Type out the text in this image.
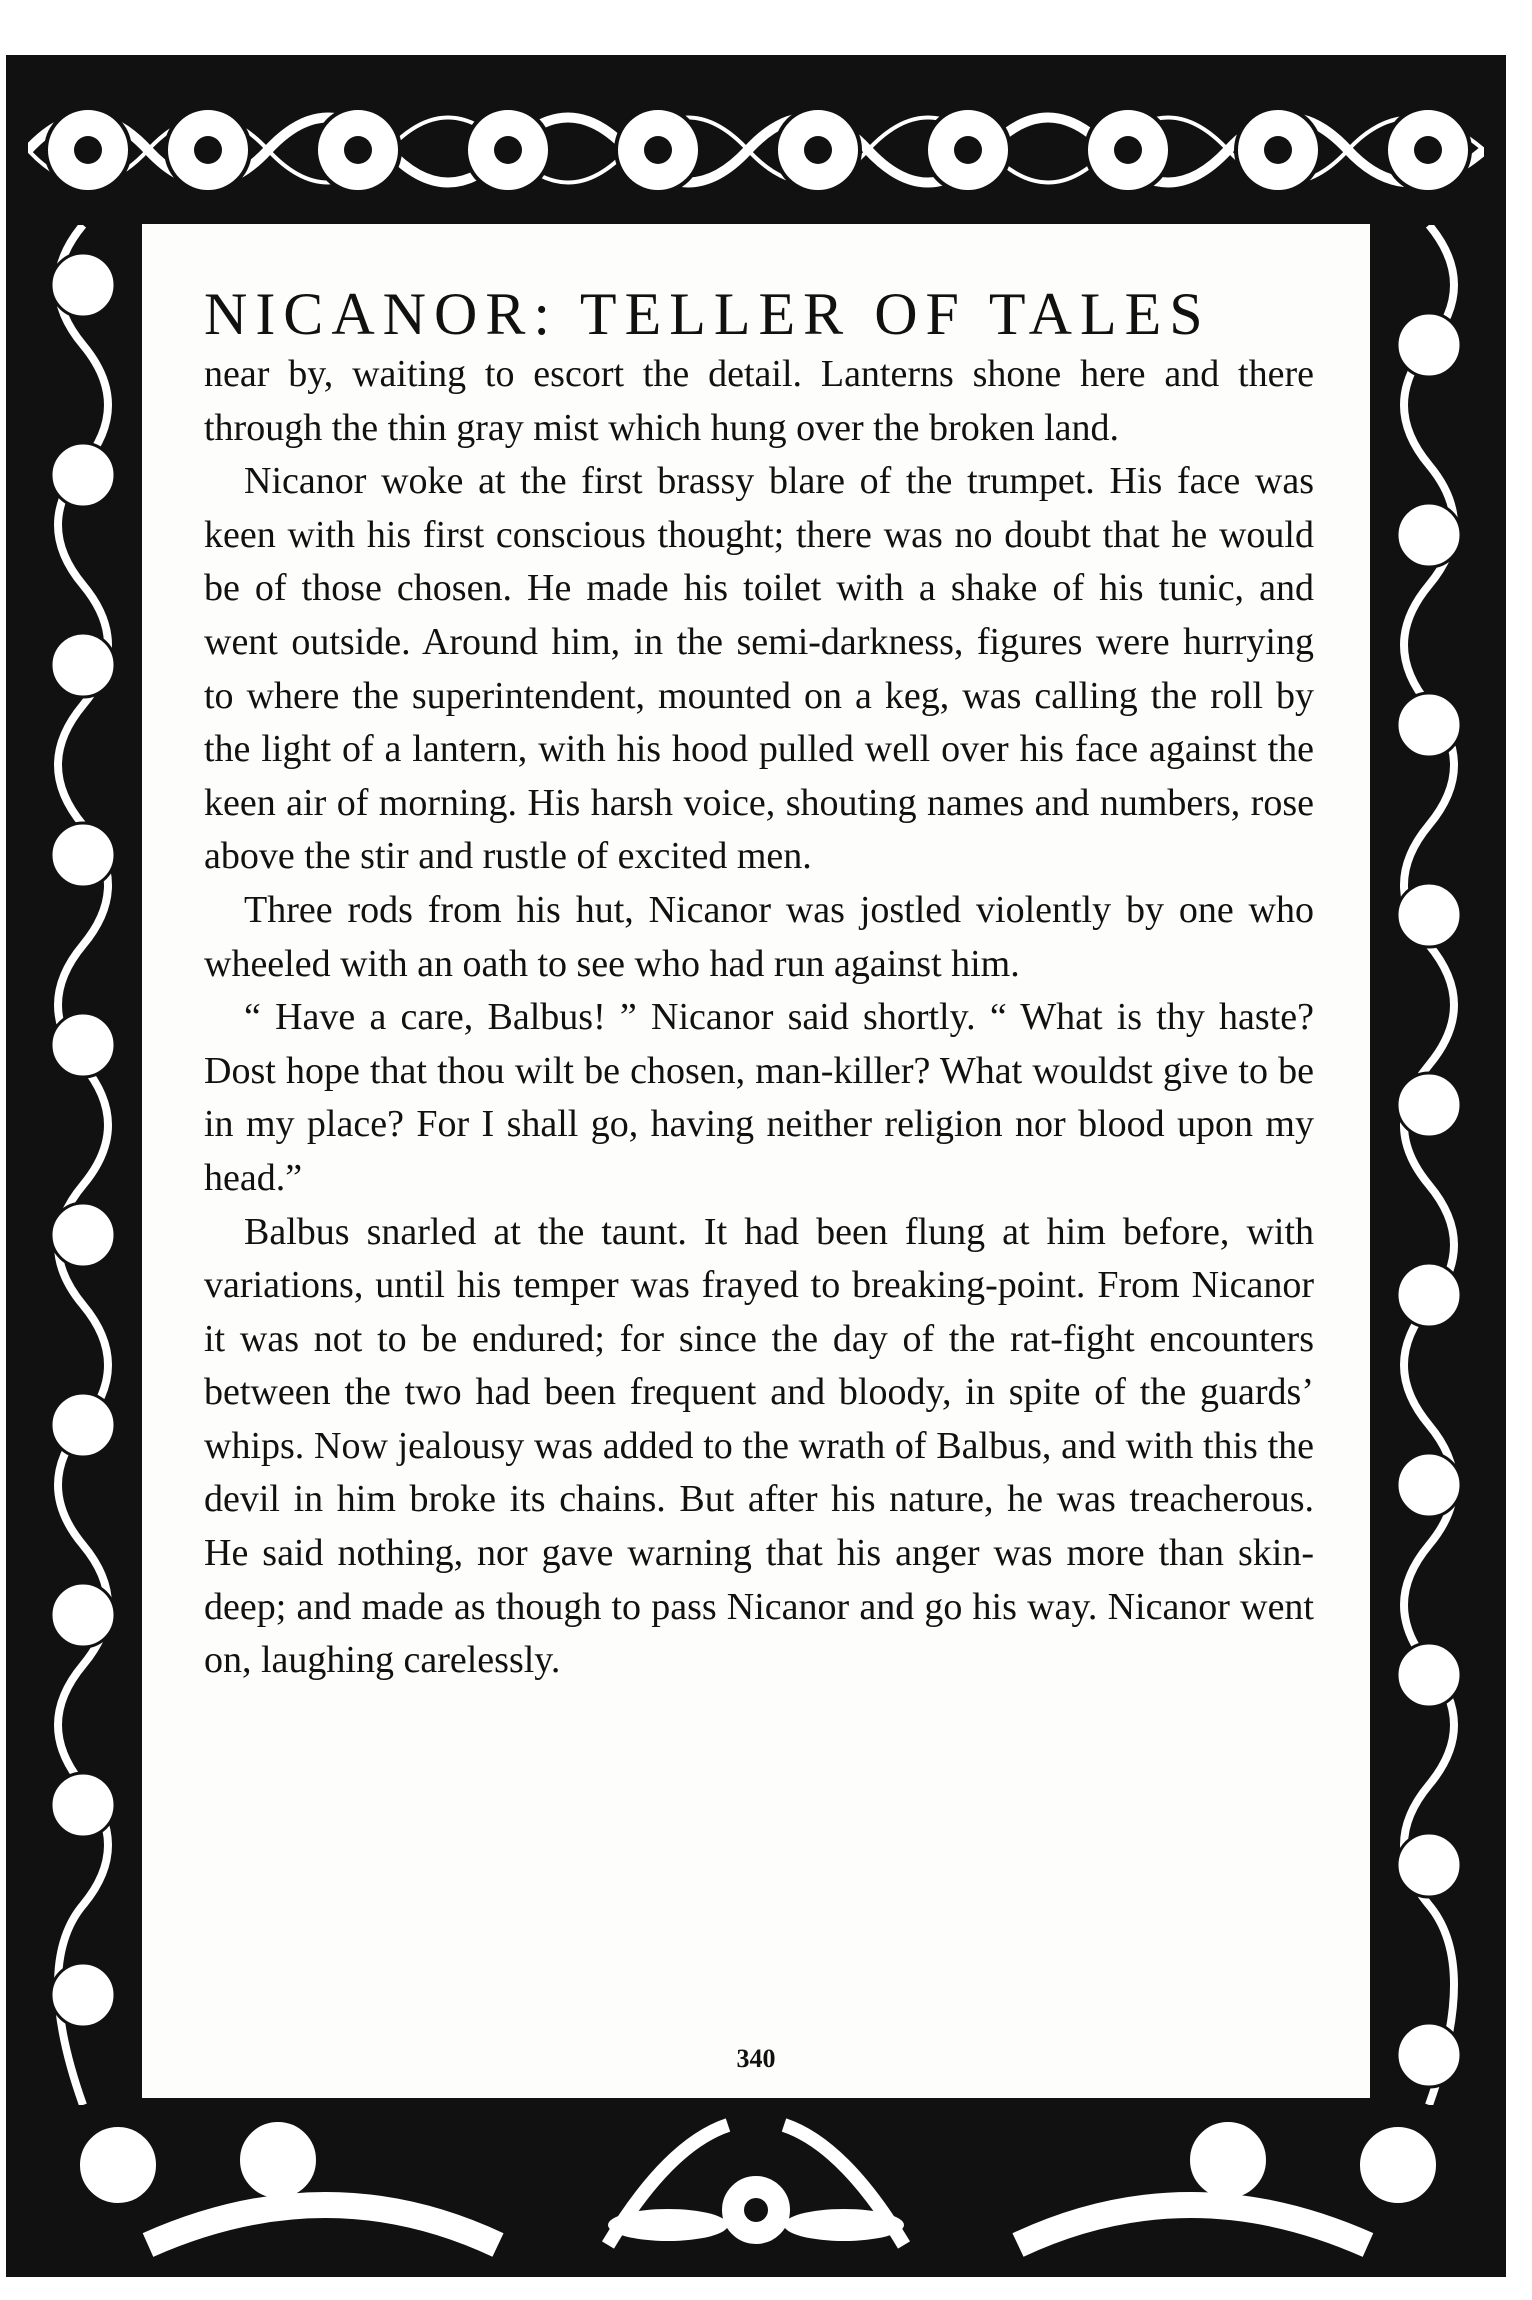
NICANOR: TELLER OF TALES

near by, waiting to escort the detail. Lanterns shone here and there through the thin gray mist which hung over the broken land.

Nicanor woke at the first brassy blare of the trumpet. His face was keen with his first conscious thought; there was no doubt that he would be of those chosen. He made his toilet with a shake of his tunic, and went outside. Around him, in the semi-darkness, figures were hurrying to where the superintendent, mounted on a keg, was calling the roll by the light of a lantern, with his hood pulled well over his face against the keen air of morning. His harsh voice, shouting names and numbers, rose above the stir and rustle of excited men.

Three rods from his hut, Nicanor was jostled violently by one who wheeled with an oath to see who had run against him.

“ Have a care, Balbus! ” Nicanor said shortly. “ What is thy haste? Dost hope that thou wilt be chosen, man-killer? What wouldst give to be in my place? For I shall go, having neither religion nor blood upon my head.”

Balbus snarled at the taunt. It had been flung at him before, with variations, until his temper was frayed to breaking-point. From Nicanor it was not to be endured; for since the day of the rat-fight encounters between the two had been frequent and bloody, in spite of the guards’ whips. Now jealousy was added to the wrath of Balbus, and with this the devil in him broke its chains. But after his nature, he was treacherous. He said nothing, nor gave warning that his anger was more than skin-deep; and made as though to pass Nicanor and go his way. Nicanor went on, laughing carelessly.

340
